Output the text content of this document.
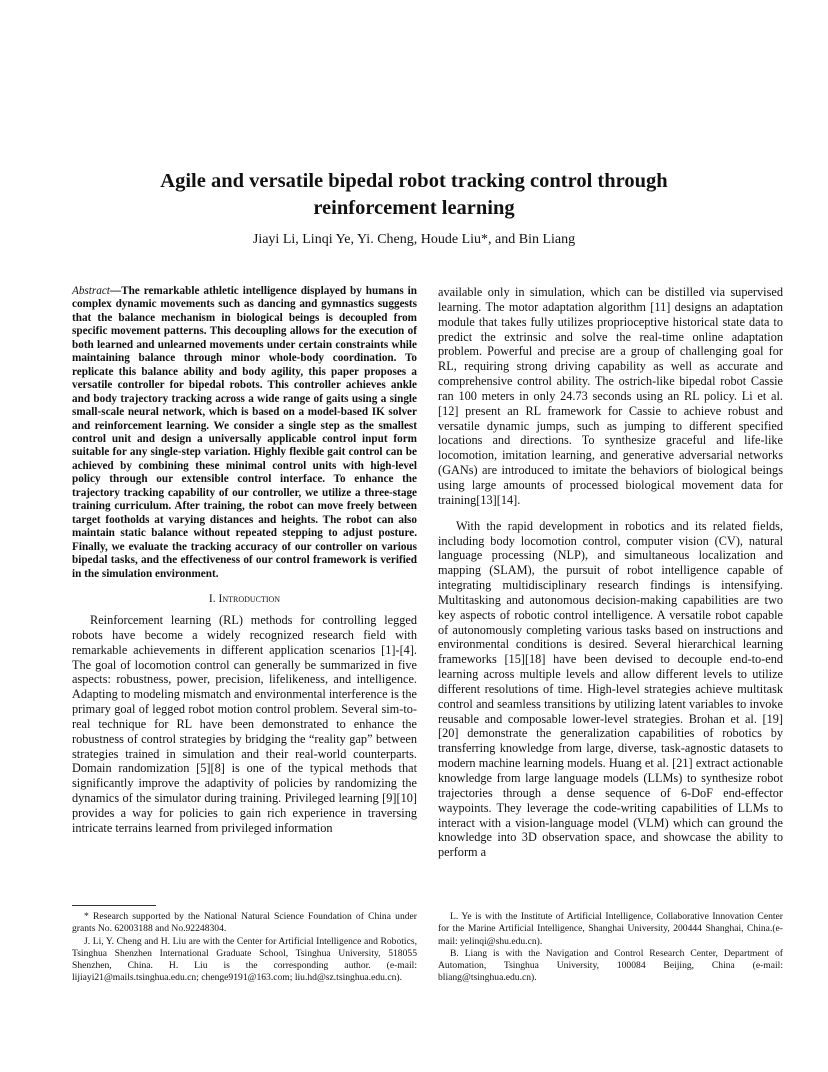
Agile and versatile bipedal robot tracking control through
reinforcement learning
Jiayi Li, Linqi Ye, Yi. Cheng, Houde Liu*, and Bin Liang

Abstract—The remarkable athletic intelligence displayed by humans in complex dynamic movements such as dancing and gymnastics suggests that the balance mechanism in biological beings is decoupled from specific movement patterns. This decoupling allows for the execution of both learned and unlearned movements under certain constraints while maintaining balance through minor whole-body coordination. To replicate this balance ability and body agility, this paper proposes a versatile controller for bipedal robots. This controller achieves ankle and body trajectory tracking across a wide range of gaits using a single small-scale neural network, which is based on a model-based IK solver and reinforcement learning. We consider a single step as the smallest control unit and design a universally applicable control input form suitable for any single-step variation. Highly flexible gait control can be achieved by combining these minimal control units with high-level policy through our extensible control interface. To enhance the trajectory tracking capability of our controller, we utilize a three-stage training curriculum. After training, the robot can move freely between target footholds at varying distances and heights. The robot can also maintain static balance without repeated stepping to adjust posture. Finally, we evaluate the tracking accuracy of our controller on various bipedal tasks, and the effectiveness of our control framework is verified in the simulation environment.

I. Introduction

Reinforcement learning (RL) methods for controlling legged robots have become a widely recognized research field with remarkable achievements in different application scenarios [1]-[4]. The goal of locomotion control can generally be summarized in five aspects: robustness, power, precision, lifelikeness, and intelligence. Adapting to modeling mismatch and environmental interference is the primary goal of legged robot motion control problem. Several sim-to-real technique for RL have been demonstrated to enhance the robustness of control strategies by bridging the “reality gap” between strategies trained in simulation and their real-world counterparts. Domain randomization [5][8] is one of the typical methods that significantly improve the adaptivity of policies by randomizing the dynamics of the simulator during training. Privileged learning [9][10] provides a way for policies to gain rich experience in traversing intricate terrains learned from privileged information

available only in simulation, which can be distilled via supervised learning. The motor adaptation algorithm [11] designs an adaptation module that takes fully utilizes proprioceptive historical state data to predict the extrinsic and solve the real-time online adaptation problem. Powerful and precise are a group of challenging goal for RL, requiring strong driving capability as well as accurate and comprehensive control ability. The ostrich-like bipedal robot Cassie ran 100 meters in only 24.73 seconds using an RL policy. Li et al. [12] present an RL framework for Cassie to achieve robust and versatile dynamic jumps, such as jumping to different specified locations and directions. To synthesize graceful and life-like locomotion, imitation learning, and generative adversarial networks (GANs) are introduced to imitate the behaviors of biological beings using large amounts of processed biological movement data for training[13][14].

With the rapid development in robotics and its related fields, including body locomotion control, computer vision (CV), natural language processing (NLP), and simultaneous localization and mapping (SLAM), the pursuit of robot intelligence capable of integrating multidisciplinary research findings is intensifying. Multitasking and autonomous decision-making capabilities are two key aspects of robotic control intelligence. A versatile robot capable of autonomously completing various tasks based on instructions and environmental conditions is desired. Several hierarchical learning frameworks [15][18] have been devised to decouple end-to-end learning across multiple levels and allow different levels to utilize different resolutions of time. High-level strategies achieve multitask control and seamless transitions by utilizing latent variables to invoke reusable and composable lower-level strategies. Brohan et al. [19][20] demonstrate the generalization capabilities of robotics by transferring knowledge from large, diverse, task-agnostic datasets to modern machine learning models. Huang et al. [21] extract actionable knowledge from large language models (LLMs) to synthesize robot trajectories through a dense sequence of 6-DoF end-effector waypoints. They leverage the code-writing capabilities of LLMs to interact with a vision-language model (VLM) which can ground the knowledge into 3D observation space, and showcase the ability to perform a

* Research supported by the National Natural Science Foundation of China under grants No. 62003188 and No.92248304.

J. Li, Y. Cheng and H. Liu are with the Center for Artificial Intelligence and Robotics, Tsinghua Shenzhen International Graduate School, Tsinghua University, 518055 Shenzhen, China. H. Liu is the corresponding author. (e-mail: lijiayi21@mails.tsinghua.edu.cn; chenge9191@163.com; liu.hd@sz.tsinghua.edu.cn).

L. Ye is with the Institute of Artificial Intelligence, Collaborative Innovation Center for the Marine Artificial Intelligence, Shanghai University, 200444 Shanghai, China.(e-mail: yelinqi@shu.edu.cn).

B. Liang is with the Navigation and Control Research Center, Department of Automation, Tsinghua University, 100084 Beijing, China (e-mail: bliang@tsinghua.edu.cn).
